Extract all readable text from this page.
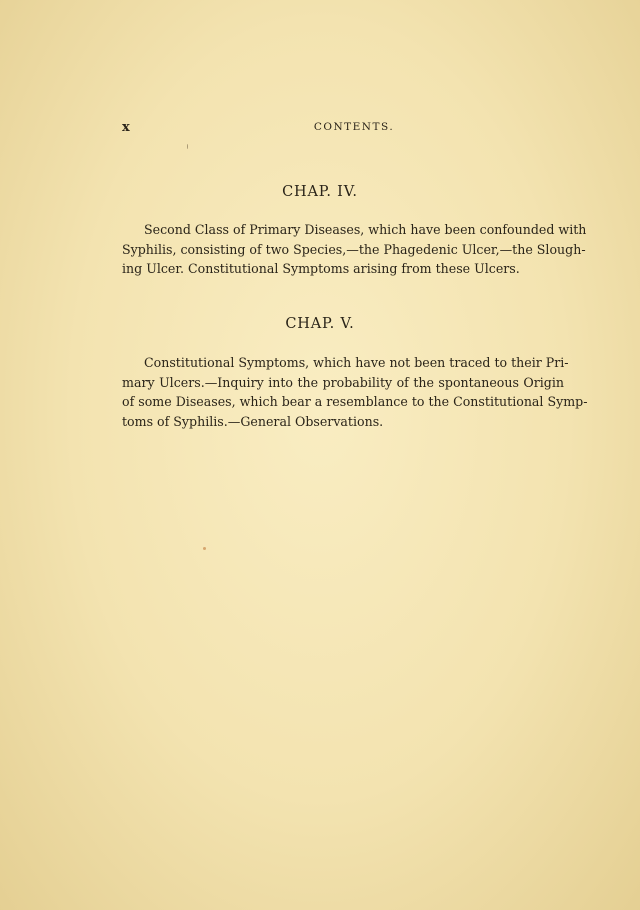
x	CONTENTS.
CHAP. IV.
Second Class of Primary Diseases, which have been confounded with
Syphilis, consisting of two Species,—the Phagedenic Ulcer,—the Slough-
ing Ulcer. Constitutional Symptoms arising from these Ulcers.
CHAP. V.
Constitutional Symptoms, which have not been traced to their Pri-
mary Ulcers.—Inquiry into the probability of the spontaneous Origin
of some Diseases, which bear a resemblance to the Constitutional Symp-
toms of Syphilis.—General Observations.
